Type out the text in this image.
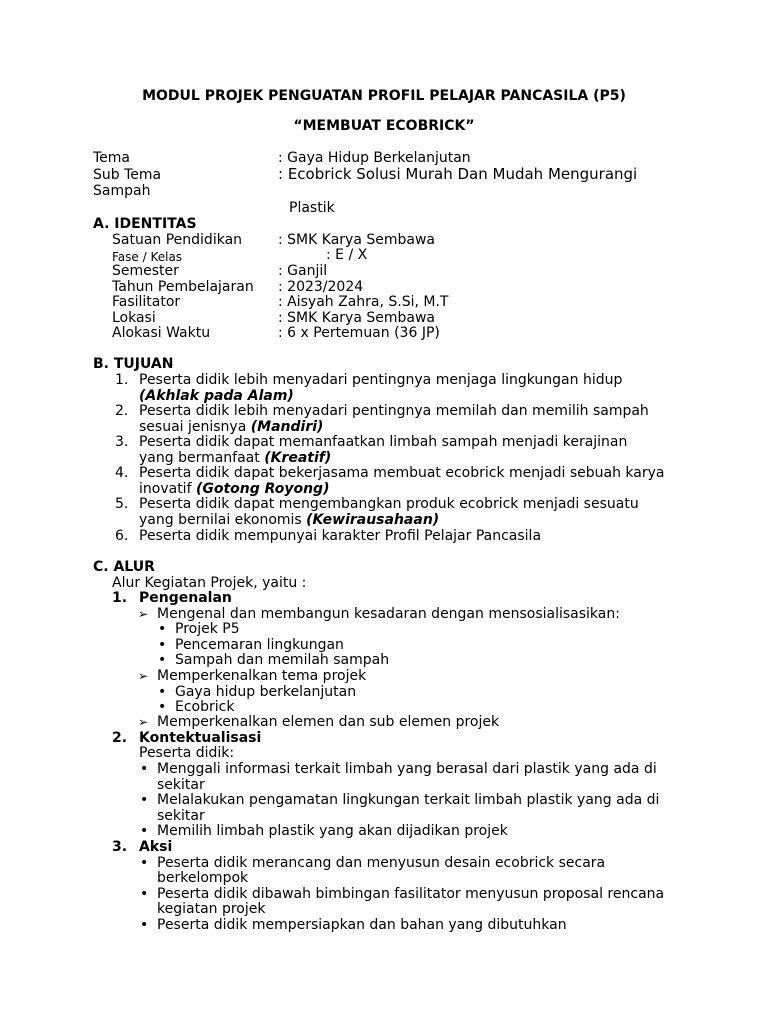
MODUL PROJEK PENGUATAN PROFIL PELAJAR PANCASILA (P5)
“MEMBUAT ECOBRICK”
Tema	: Gaya Hidup Berkelanjutan
Sub Tema	: Ecobrick Solusi Murah Dan Mudah Mengurangi
Sampah
Plastik
A. IDENTITAS
Satuan Pendidikan	: SMK Karya Sembawa
Fase / Kelas	: E / X
Semester	: Ganjil
Tahun Pembelajaran : 2023/2024
Fasilitator	: Aisyah Zahra, S.Si, M.T
Lokasi	: SMK Karya Sembawa
Alokasi Waktu	: 6 x Pertemuan (36 JP)
B. TUJUAN
1. Peserta didik lebih menyadari pentingnya menjaga lingkungan hidup
(Akhlak pada Alam)
2. Peserta didik lebih menyadari pentingnya memilah dan memilih sampah
sesuai jenisnya (Mandiri)
3. Peserta didik dapat memanfaatkan limbah sampah menjadi kerajinan
yang bermanfaat (Kreatif)
4. Peserta didik dapat bekerjasama membuat ecobrick menjadi sebuah karya
inovatif (Gotong Royong)
5. Peserta didik dapat mengembangkan produk ecobrick menjadi sesuatu
yang bernilai ekonomis (Kewirausahaan)
6. Peserta didik mempunyai karakter Profil Pelajar Pancasila
C. ALUR
Alur Kegiatan Projek, yaitu :
1. Pengenalan
➢ Mengenal dan membangun kesadaran dengan mensosialisasikan:
• Projek P5
• Pencemaran lingkungan
• Sampah dan memilah sampah
➢ Memperkenalkan tema projek
• Gaya hidup berkelanjutan
• Ecobrick
➢ Memperkenalkan elemen dan sub elemen projek
2. Kontektualisasi
Peserta didik:
• Menggali informasi terkait limbah yang berasal dari plastik yang ada di
sekitar
• Melalakukan pengamatan lingkungan terkait limbah plastik yang ada di
sekitar
• Memilih limbah plastik yang akan dijadikan projek
3. Aksi
• Peserta didik merancang dan menyusun desain ecobrick secara
berkelompok
• Peserta didik dibawah bimbingan fasilitator menyusun proposal rencana
kegiatan projek
• Peserta didik mempersiapkan dan bahan yang dibutuhkan
